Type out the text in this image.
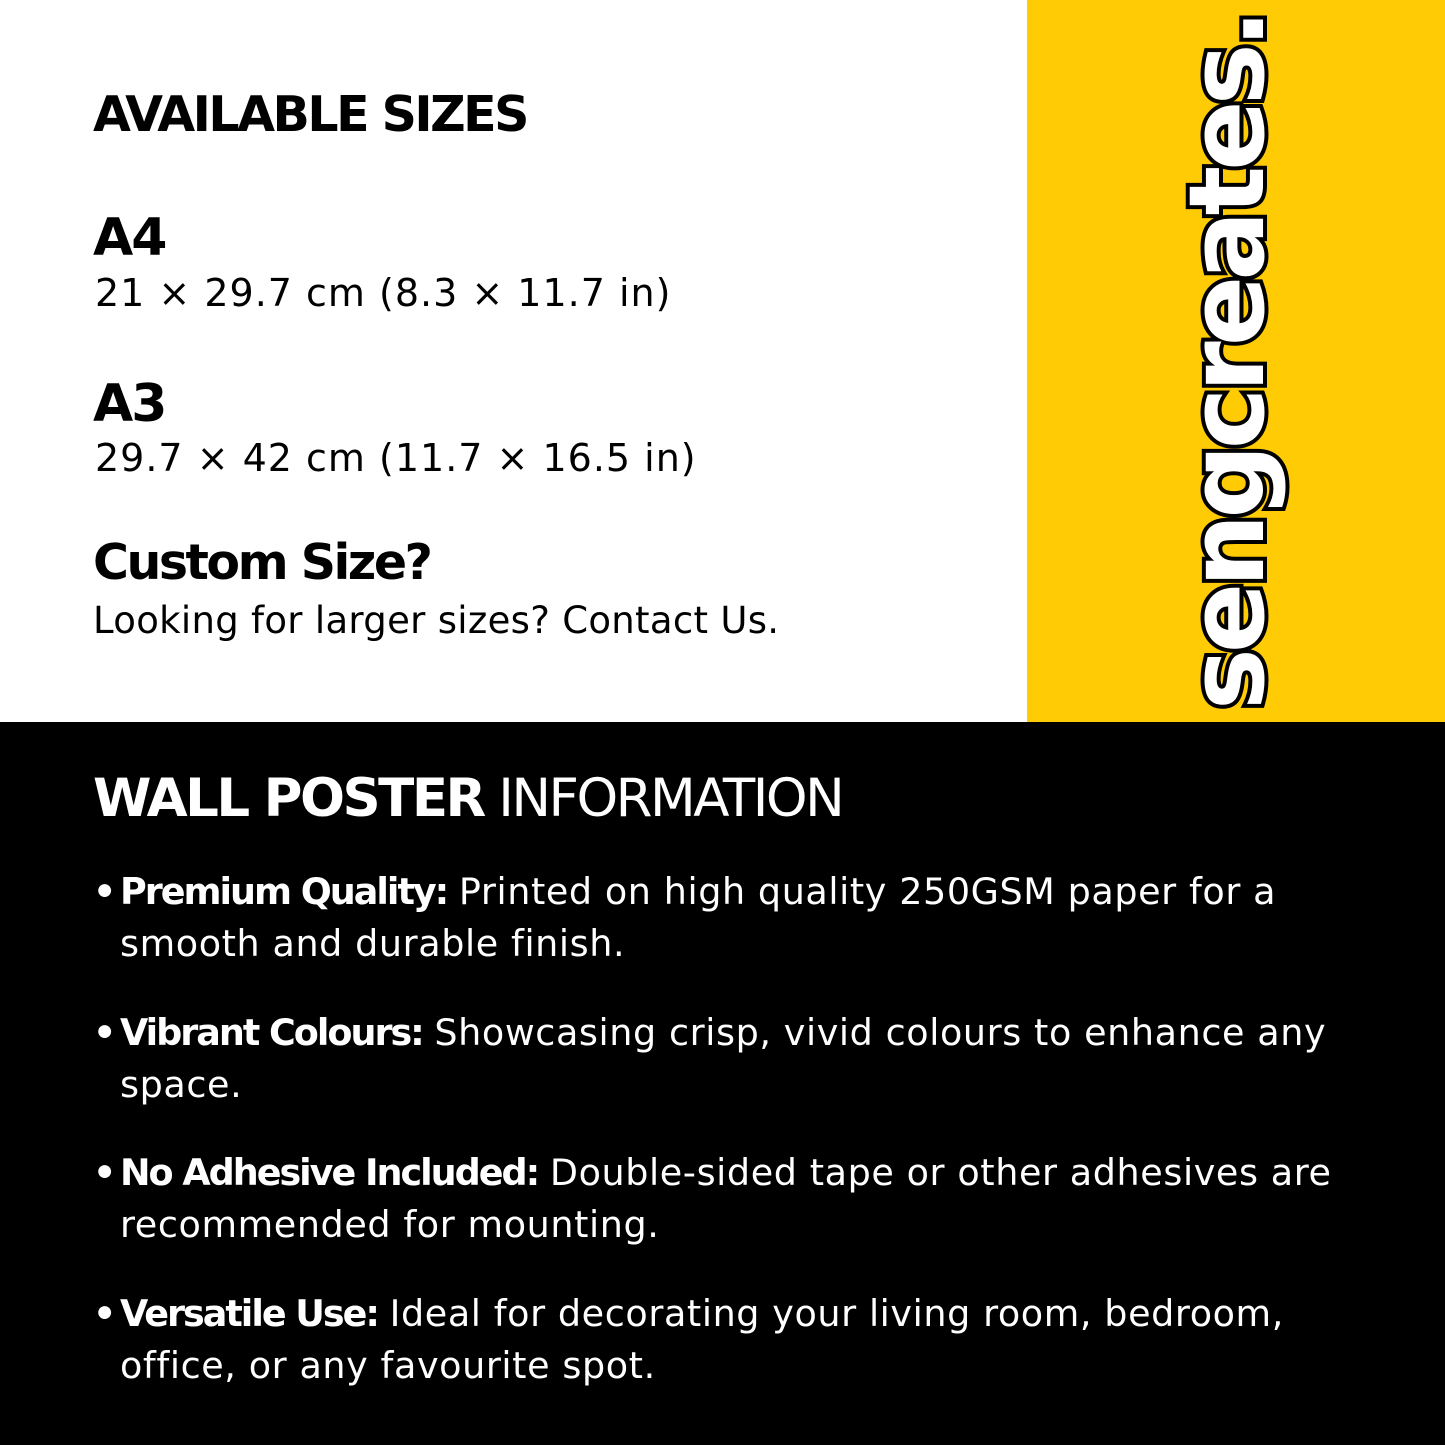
sengcreates.
AVAILABLE SIZES
A4
21 × 29.7 cm (8.3 × 11.7 in)
A3
29.7 × 42 cm (11.7 × 16.5 in)
Custom Size?
Looking for larger sizes? Contact Us.
WALL POSTER INFORMATION
• Premium Quality: Printed on high quality 250GSM paper for a smooth and durable finish.
• Vibrant Colours: Showcasing crisp, vivid colours to enhance any space.
• No Adhesive Included: Double-sided tape or other adhesives are recommended for mounting.
• Versatile Use: Ideal for decorating your living room, bedroom, office, or any favourite spot.
